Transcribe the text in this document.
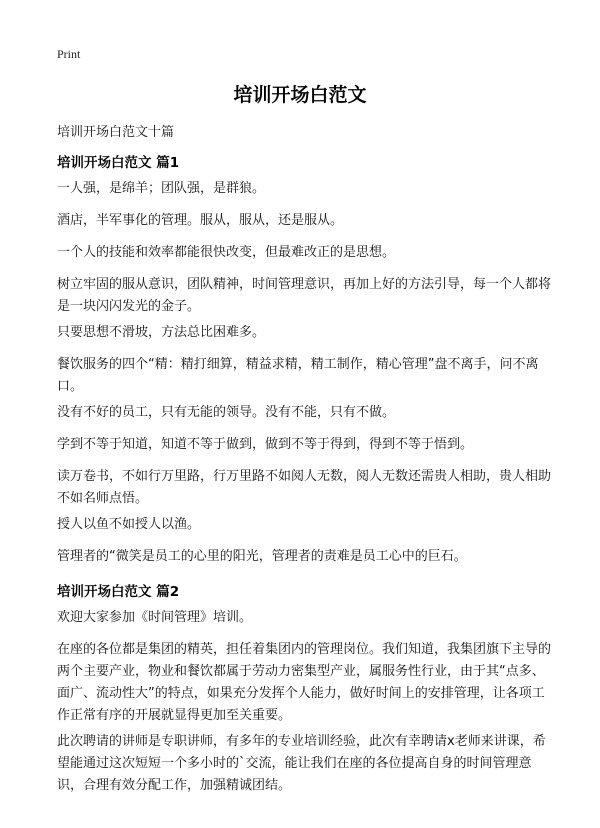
Print
培训开场白范文
培训开场白范文十篇
培训开场白范文 篇1
一人强，是绵羊；团队强，是群狼。
酒店，半军事化的管理。服从，服从，还是服从。
一个人的技能和效率都能很快改变，但最难改正的是思想。
树立牢固的服从意识，团队精神，时间管理意识，再加上好的方法引导，每一个人都将是一块闪闪发光的金子。
只要思想不滑坡，方法总比困难多。
餐饮服务的四个“精：精打细算，精益求精，精工制作，精心管理”盘不离手，问不离口。
没有不好的员工，只有无能的领导。没有不能，只有不做。
学到不等于知道，知道不等于做到，做到不等于得到，得到不等于悟到。
读万卷书，不如行万里路，行万里路不如阅人无数，阅人无数还需贵人相助，贵人相助不如名师点悟。
授人以鱼不如授人以渔。
管理者的“微笑是员工的心里的阳光，管理者的责难是员工心中的巨石。
培训开场白范文 篇2
欢迎大家参加《时间管理》培训。
在座的各位都是集团的精英，担任着集团内的管理岗位。我们知道，我集团旗下主导的两个主要产业，物业和餐饮都属于劳动力密集型产业，属服务性行业，由于其“点多、面广、流动性大”的特点，如果充分发挥个人能力，做好时间上的安排管理，让各项工作正常有序的开展就显得更加至关重要。
此次聘请的讲师是专职讲师，有多年的专业培训经验，此次有幸聘请x老师来讲课，希望能通过这次短短一个多小时的`交流，能让我们在座的各位提高自身的时间管理意识，合理有效分配工作，加强精诚团结。
